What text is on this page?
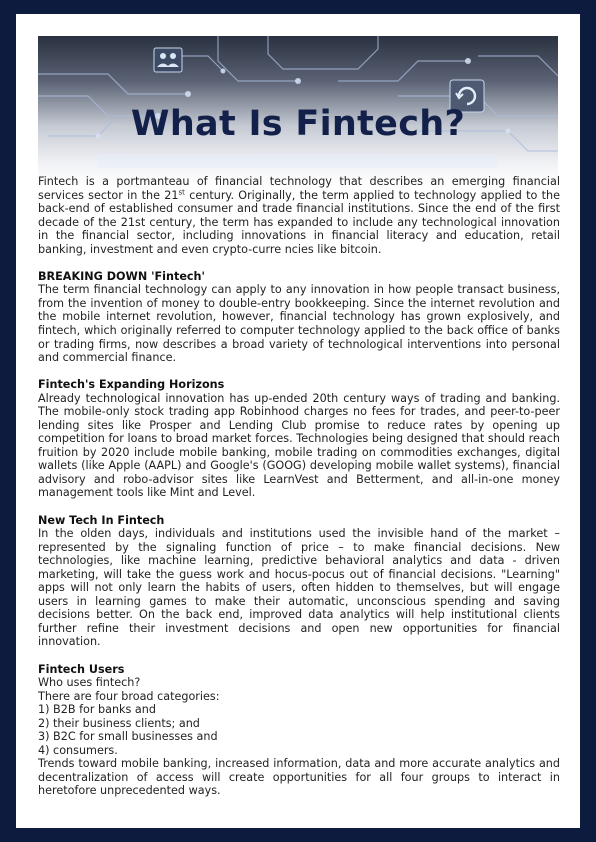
What Is Fintech?

Fintech is a portmanteau of financial technology that describes an emerging financial services sector in the 21st century. Originally, the term applied to technology applied to the back-end of established consumer and trade financial institutions. Since the end of the first decade of the 21st century, the term has expanded to include any technological innovation in the financial sector, including innovations in financial literacy and education, retail banking, investment and even crypto-curre ncies like bitcoin.

BREAKING DOWN 'Fintech'

The term financial technology can apply to any innovation in how people transact business, from the invention of money to double-entry bookkeeping. Since the internet revolution and the mobile internet revolution, however, financial technology has grown explosively, and fintech, which originally referred to computer technology applied to the back office of banks or trading firms, now describes a broad variety of technological interventions into personal and commercial finance.

Fintech's Expanding Horizons

Already technological innovation has up-ended 20th century ways of trading and banking. The mobile-only stock trading app Robinhood charges no fees for trades, and peer-to-peer lending sites like Prosper and Lending Club promise to reduce rates by opening up competition for loans to broad market forces. Technologies being designed that should reach fruition by 2020 include mobile banking, mobile trading on commodities exchanges, digital wallets (like Apple (AAPL) and Google's (GOOG) developing mobile wallet systems), financial advisory and robo-advisor sites like LearnVest and Betterment, and all-in-one money management tools like Mint and Level.

New Tech In Fintech

In the olden days, individuals and institutions used the invisible hand of the market – represented by the signaling function of price – to make financial decisions. New technologies, like machine learning, predictive behavioral analytics and data - driven marketing, will take the guess work and hocus-pocus out of financial decisions. "Learning" apps will not only learn the habits of users, often hidden to themselves, but will engage users in learning games to make their automatic, unconscious spending and saving decisions better. On the back end, improved data analytics will help institutional clients further refine their investment decisions and open new opportunities for financial innovation.

Fintech Users

Who uses fintech?

There are four broad categories:

1) B2B for banks and

2) their business clients; and

3) B2C for small businesses and

4) consumers.

Trends toward mobile banking, increased information, data and more accurate analytics and decentralization of access will create opportunities for all four groups to interact in heretofore unprecedented ways.
